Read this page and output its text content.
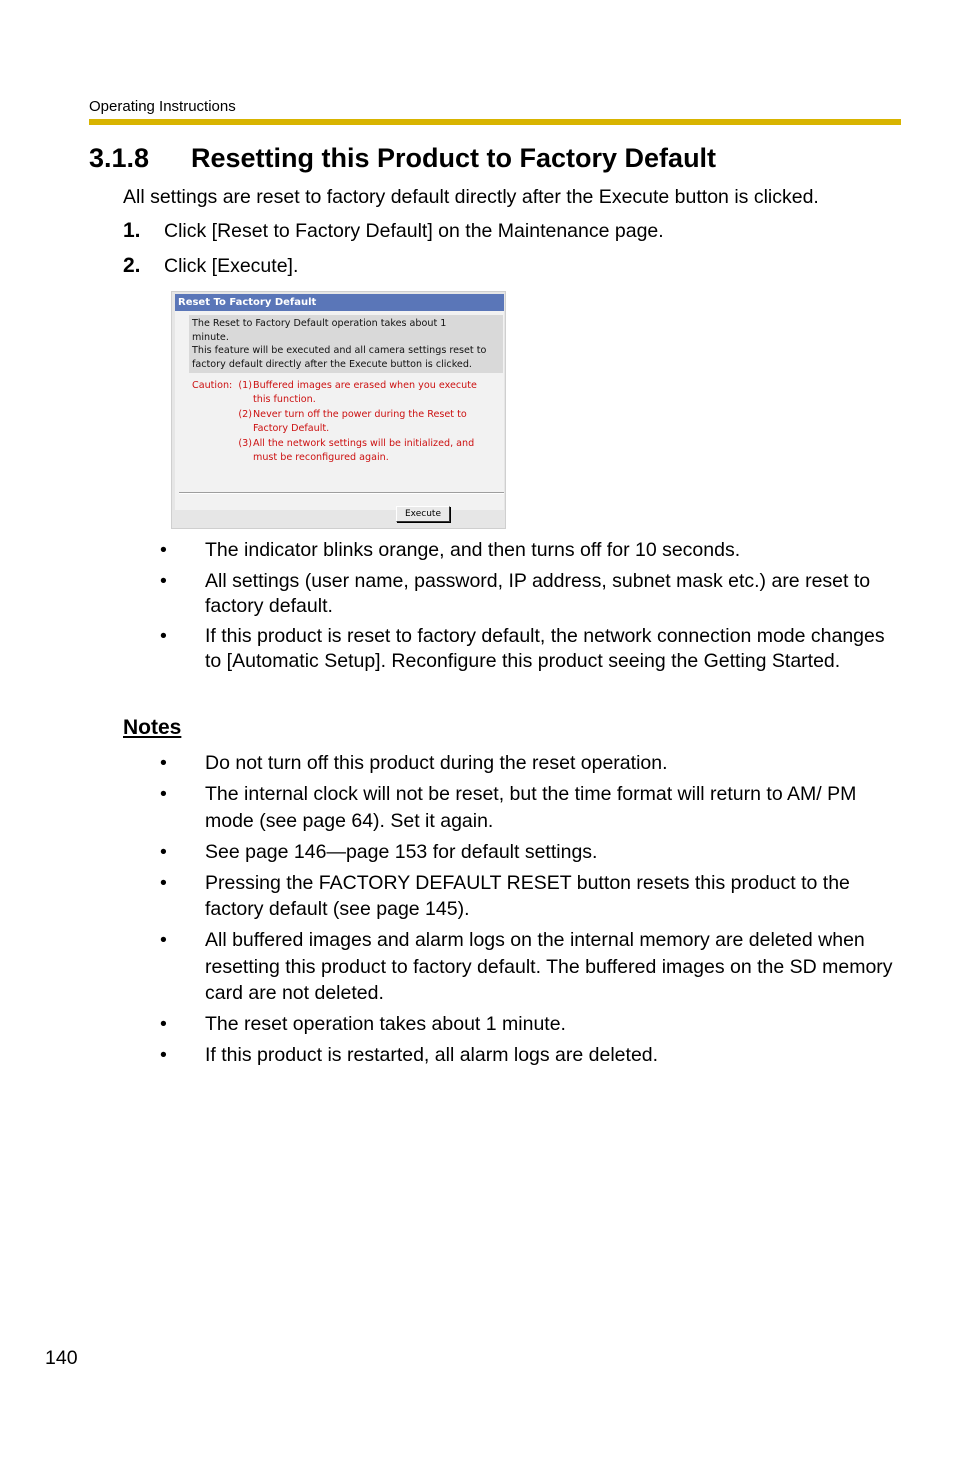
Operating Instructions
3.1.8 Resetting this Product to Factory Default
All settings are reset to factory default directly after the Execute button is clicked.
1. Click [Reset to Factory Default] on the Maintenance page.
2. Click [Execute].
Reset To Factory Default
The Reset to Factory Default operation takes about 1
minute.
This feature will be executed and all camera settings reset to
factory default directly after the Execute button is clicked.
Caution: (1) Buffered images are erased when you execute
this function.
(2) Never turn off the power during the Reset to
Factory Default.
(3) All the network settings will be initialized, and
must be reconfigured again.
Execute
•	The indicator blinks orange, and then turns off for 10 seconds.
•	All settings (user name, password, IP address, subnet mask etc.) are reset to factory default.
•	If this product is reset to factory default, the network connection mode changes to [Automatic Setup]. Reconfigure this product seeing the Getting Started.
Notes
•	Do not turn off this product during the reset operation.
•	The internal clock will not be reset, but the time format will return to AM/ PM mode (see page 64). Set it again.
•	See page 146—page 153 for default settings.
•	Pressing the FACTORY DEFAULT RESET button resets this product to the factory default (see page 145).
•	All buffered images and alarm logs on the internal memory are deleted when resetting this product to factory default. The buffered images on the SD memory card are not deleted.
•	The reset operation takes about 1 minute.
•	If this product is restarted, all alarm logs are deleted.
140
